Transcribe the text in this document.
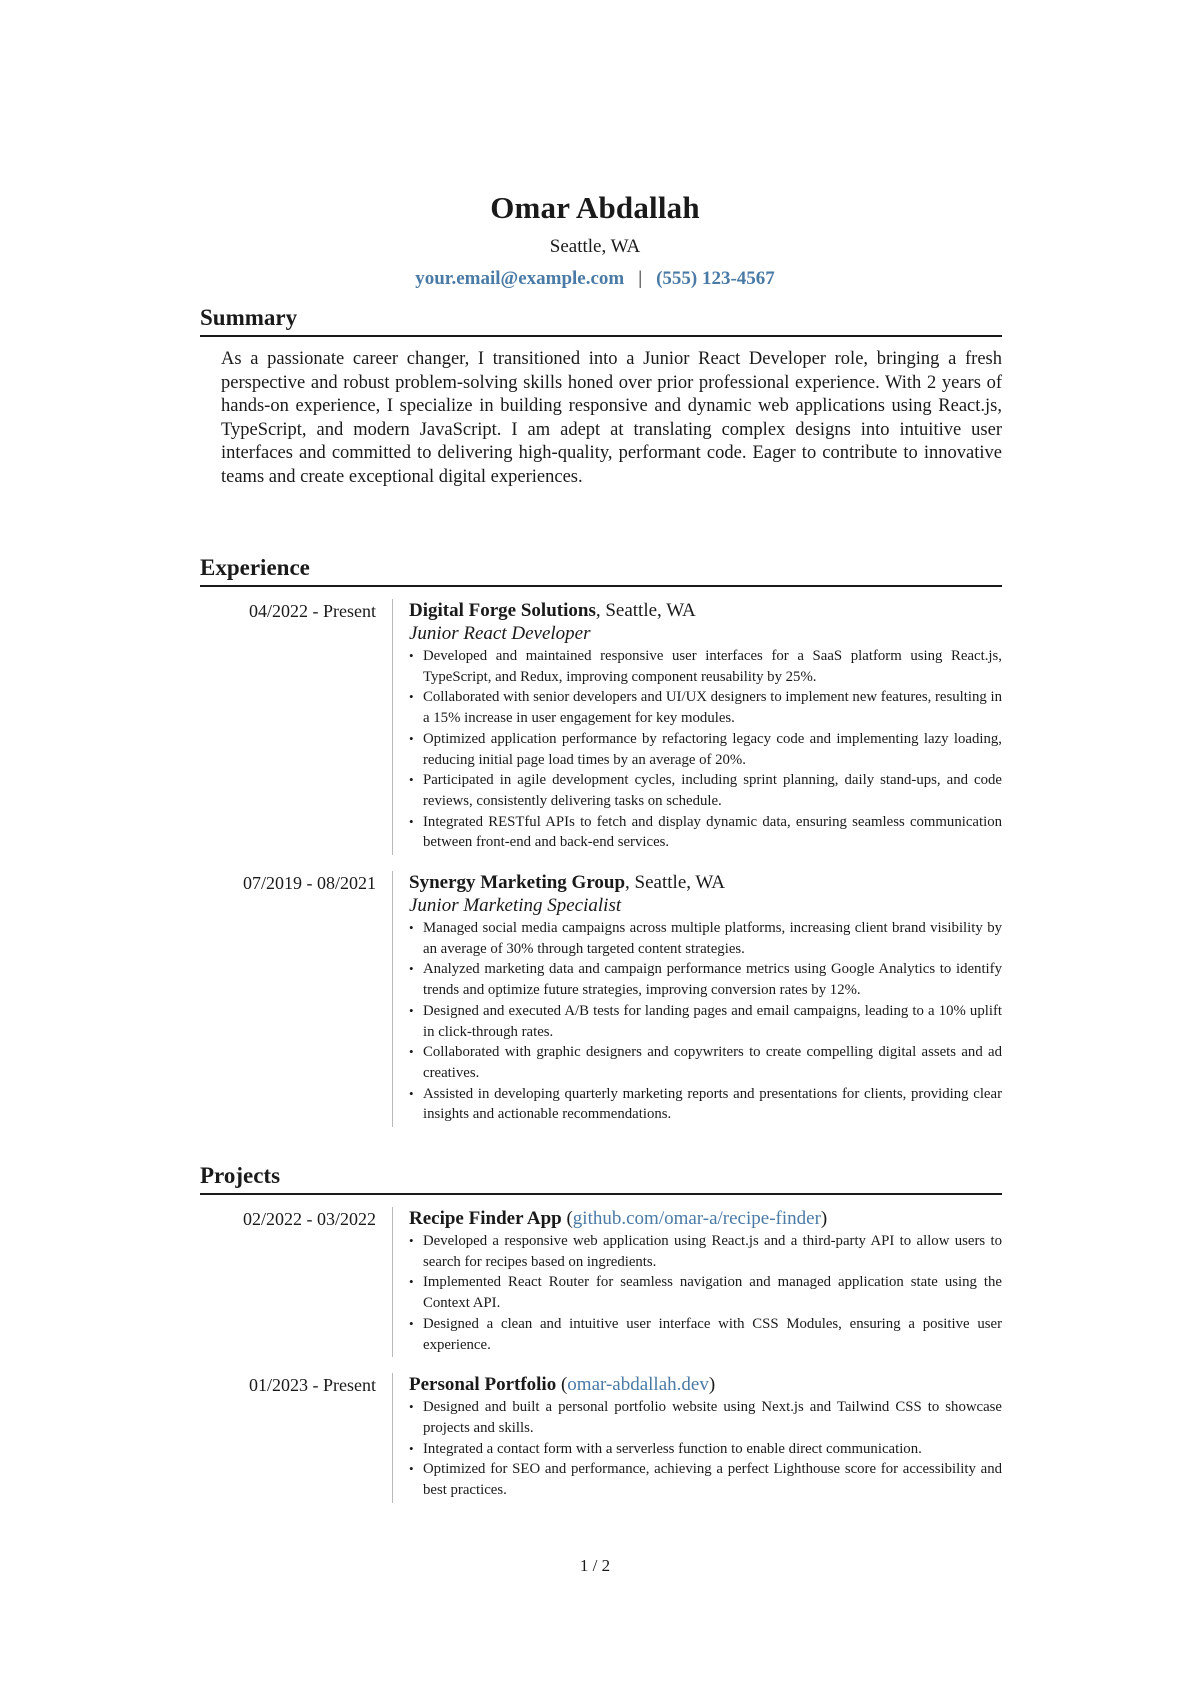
Omar Abdallah
Seattle, WA
your.email@example.com | (555) 123-4567
Summary

As a passionate career changer, I transitioned into a Junior React Developer role, bringing a fresh perspective and robust problem-solving skills honed over prior professional experience. With 2 years of hands-on experience, I specialize in building responsive and dynamic web applications using React.js, TypeScript, and modern JavaScript. I am adept at translating complex designs into intuitive user interfaces and committed to delivering high-quality, performant code. Eager to contribute to innovative teams and create exceptional digital experiences.

Experience
04/2022 - Present Digital Forge Solutions, Seattle, WA
Junior React Developer
• Developed and maintained responsive user interfaces for a SaaS platform using React.js, TypeScript, and Redux, improving component reusability by 25%.
• Collaborated with senior developers and UI/UX designers to implement new features, resulting in a 15% increase in user engagement for key modules.
• Optimized application performance by refactoring legacy code and implementing lazy loading, reducing initial page load times by an average of 20%.
• Participated in agile development cycles, including sprint planning, daily stand-ups, and code reviews, consistently delivering tasks on schedule.
• Integrated RESTful APIs to fetch and display dynamic data, ensuring seamless communication between front-end and back-end services.
07/2019 - 08/2021 Synergy Marketing Group, Seattle, WA
Junior Marketing Specialist
• Managed social media campaigns across multiple platforms, increasing client brand visibility by an average of 30% through targeted content strategies.
• Analyzed marketing data and campaign performance metrics using Google Analytics to identify trends and optimize future strategies, improving conversion rates by 12%.
• Designed and executed A/B tests for landing pages and email campaigns, leading to a 10% uplift in click-through rates.
• Collaborated with graphic designers and copywriters to create compelling digital assets and ad creatives.
• Assisted in developing quarterly marketing reports and presentations for clients, providing clear insights and actionable recommendations.
Projects
02/2022 - 03/2022 Recipe Finder App (github.com/omar-a/recipe-finder)
• Developed a responsive web application using React.js and a third-party API to allow users to search for recipes based on ingredients.
• Implemented React Router for seamless navigation and managed application state using the Context API.
• Designed a clean and intuitive user interface with CSS Modules, ensuring a positive user experience.
01/2023 - Present Personal Portfolio (omar-abdallah.dev)
• Designed and built a personal portfolio website using Next.js and Tailwind CSS to showcase projects and skills.
• Integrated a contact form with a serverless function to enable direct communication.
• Optimized for SEO and performance, achieving a perfect Lighthouse score for accessibility and best practices.
1 / 2
